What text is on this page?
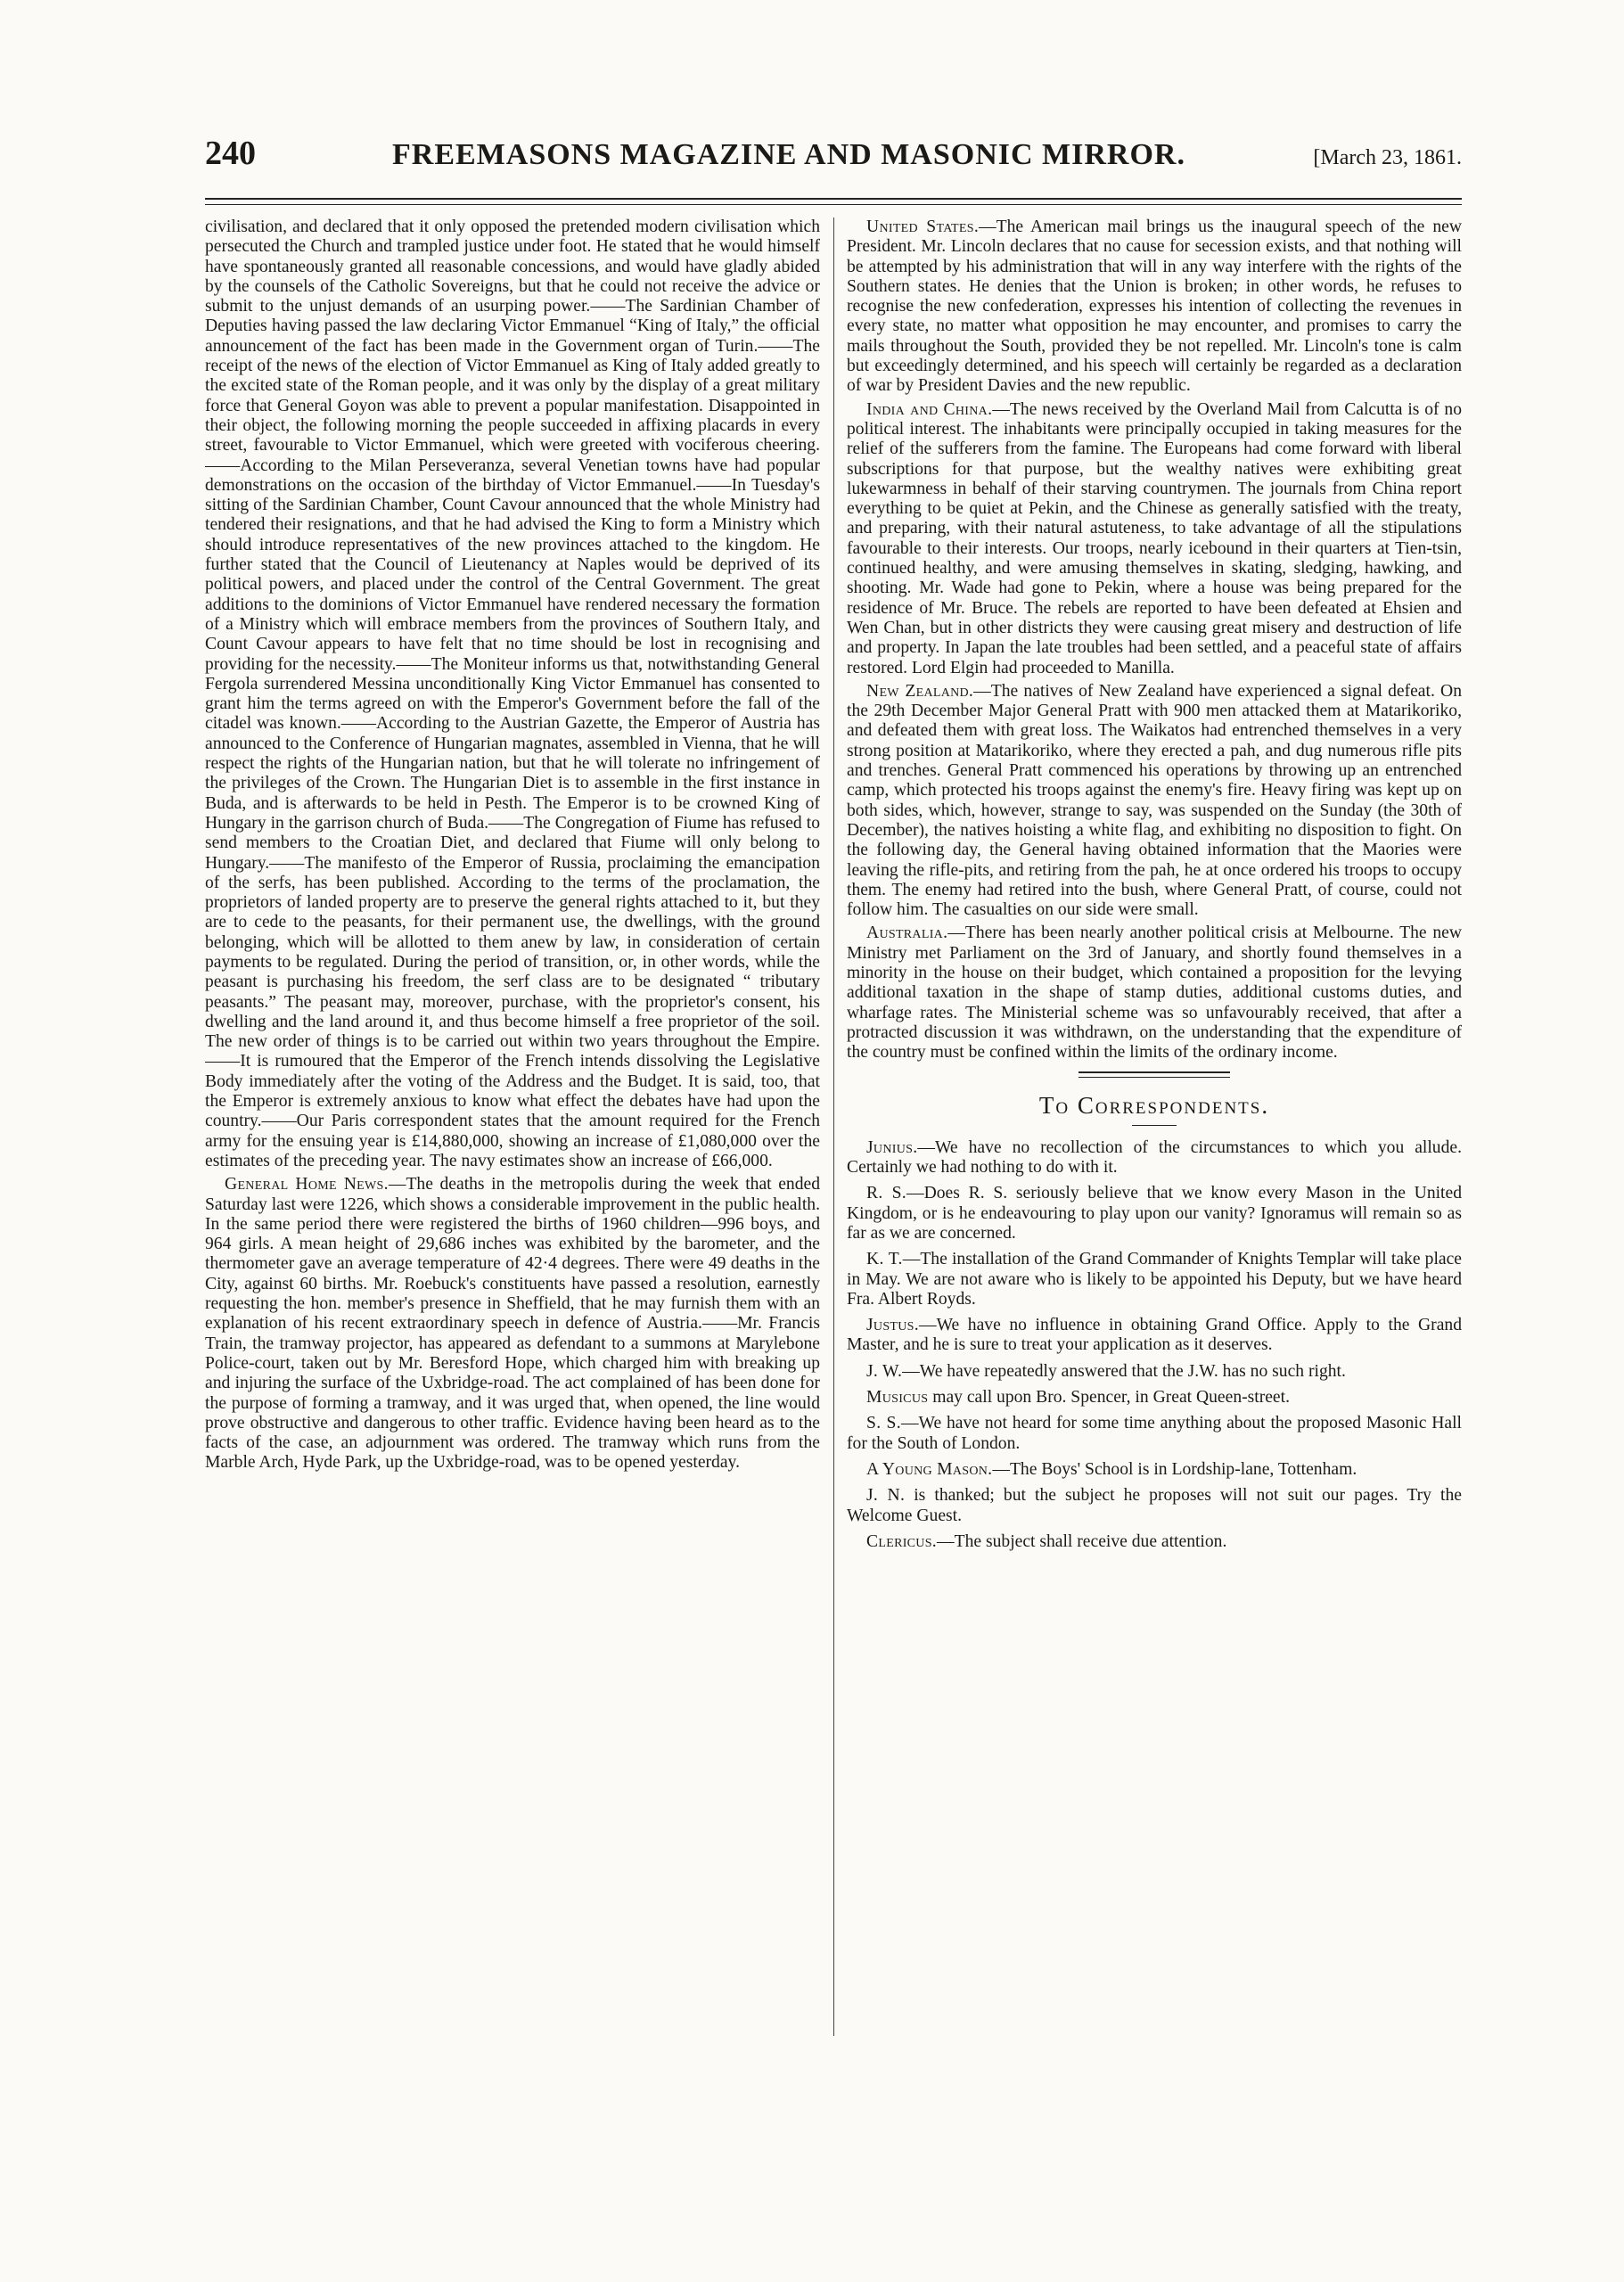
240	FREEMASONS MAGAZINE AND MASONIC MIRROR.	[March 23, 1861.

civilisation, and declared that it only opposed the pretended modern civilisation which persecuted the Church and trampled justice under foot. He stated that he would himself have spontaneously granted all reasonable concessions, and would have gladly abided by the counsels of the Catholic Sovereigns, but that he could not receive the advice or submit to the unjust demands of an usurping power.——The Sardinian Chamber of Deputies having passed the law declaring Victor Emmanuel “King of Italy,” the official announcement of the fact has been made in the Government organ of Turin.——The receipt of the news of the election of Victor Emmanuel as King of Italy added greatly to the excited state of the Roman people, and it was only by the display of a great military force that General Goyon was able to prevent a popular manifestation. Disappointed in their object, the following morning the people succeeded in affixing placards in every street, favourable to Victor Emmanuel, which were greeted with vociferous cheering.——According to the Milan Perseveranza, several Venetian towns have had popular demonstrations on the occasion of the birthday of Victor Emmanuel.——In Tuesday's sitting of the Sardinian Chamber, Count Cavour announced that the whole Ministry had tendered their resignations, and that he had advised the King to form a Ministry which should introduce representatives of the new provinces attached to the kingdom. He further stated that the Council of Lieutenancy at Naples would be deprived of its political powers, and placed under the control of the Central Government. The great additions to the dominions of Victor Emmanuel have rendered necessary the formation of a Ministry which will embrace members from the provinces of Southern Italy, and Count Cavour appears to have felt that no time should be lost in recognising and providing for the necessity.——The Moniteur informs us that, notwithstanding General Fergola surrendered Messina unconditionally King Victor Emmanuel has consented to grant him the terms agreed on with the Emperor's Government before the fall of the citadel was known.——According to the Austrian Gazette, the Emperor of Austria has announced to the Conference of Hungarian magnates, assembled in Vienna, that he will respect the rights of the Hungarian nation, but that he will tolerate no infringement of the privileges of the Crown. The Hungarian Diet is to assemble in the first instance in Buda, and is afterwards to be held in Pesth. The Emperor is to be crowned King of Hungary in the garrison church of Buda.——The Congregation of Fiume has refused to send members to the Croatian Diet, and declared that Fiume will only belong to Hungary.——The manifesto of the Emperor of Russia, proclaiming the emancipation of the serfs, has been published. According to the terms of the proclamation, the proprietors of landed property are to preserve the general rights attached to it, but they are to cede to the peasants, for their permanent use, the dwellings, with the ground belonging, which will be allotted to them anew by law, in consideration of certain payments to be regulated. During the period of transition, or, in other words, while the peasant is purchasing his freedom, the serf class are to be designated “ tributary peasants.” The peasant may, moreover, purchase, with the proprietor's consent, his dwelling and the land around it, and thus become himself a free proprietor of the soil. The new order of things is to be carried out within two years throughout the Empire.——It is rumoured that the Emperor of the French intends dissolving the Legislative Body immediately after the voting of the Address and the Budget. It is said, too, that the Emperor is extremely anxious to know what effect the debates have had upon the country.——Our Paris correspondent states that the amount required for the French army for the ensuing year is £14,880,000, showing an increase of £1,080,000 over the estimates of the preceding year. The navy estimates show an increase of £66,000.

General Home News.—The deaths in the metropolis during the week that ended Saturday last were 1226, which shows a considerable improvement in the public health. In the same period there were registered the births of 1960 children—996 boys, and 964 girls. A mean height of 29,686 inches was exhibited by the barometer, and the thermometer gave an average temperature of 42·4 degrees. There were 49 deaths in the City, against 60 births. Mr. Roebuck's constituents have passed a resolution, earnestly requesting the hon. member's presence in Sheffield, that he may furnish them with an explanation of his recent extraordinary speech in defence of Austria.——Mr. Francis Train, the tramway projector, has appeared as defendant to a summons at Marylebone Police-court, taken out by Mr. Beresford Hope, which charged him with breaking up and injuring the surface of the Uxbridge-road. The act complained of has been done for the purpose of forming a tramway, and it was urged that, when opened, the line would prove obstructive and dangerous to other traffic. Evidence having been heard as to the facts of the case, an adjournment was ordered. The tramway which runs from the Marble Arch, Hyde Park, up the Uxbridge-road, was to be opened yesterday.

United States.—The American mail brings us the inaugural speech of the new President. Mr. Lincoln declares that no cause for secession exists, and that nothing will be attempted by his administration that will in any way interfere with the rights of the Southern states. He denies that the Union is broken; in other words, he refuses to recognise the new confederation, expresses his intention of collecting the revenues in every state, no matter what opposition he may encounter, and promises to carry the mails throughout the South, provided they be not repelled. Mr. Lincoln's tone is calm but exceedingly determined, and his speech will certainly be regarded as a declaration of war by President Davies and the new republic.

India and China.—The news received by the Overland Mail from Calcutta is of no political interest. The inhabitants were principally occupied in taking measures for the relief of the sufferers from the famine. The Europeans had come forward with liberal subscriptions for that purpose, but the wealthy natives were exhibiting great lukewarmness in behalf of their starving countrymen. The journals from China report everything to be quiet at Pekin, and the Chinese as generally satisfied with the treaty, and preparing, with their natural astuteness, to take advantage of all the stipulations favourable to their interests. Our troops, nearly icebound in their quarters at Tien-tsin, continued healthy, and were amusing themselves in skating, sledging, hawking, and shooting. Mr. Wade had gone to Pekin, where a house was being prepared for the residence of Mr. Bruce. The rebels are reported to have been defeated at Ehsien and Wen Chan, but in other districts they were causing great misery and destruction of life and property. In Japan the late troubles had been settled, and a peaceful state of affairs restored. Lord Elgin had proceeded to Manilla.

New Zealand.—The natives of New Zealand have experienced a signal defeat. On the 29th December Major General Pratt with 900 men attacked them at Matarikoriko, and defeated them with great loss. The Waikatos had entrenched themselves in a very strong position at Matarikoriko, where they erected a pah, and dug numerous rifle pits and trenches. General Pratt commenced his operations by throwing up an entrenched camp, which protected his troops against the enemy's fire. Heavy firing was kept up on both sides, which, however, strange to say, was suspended on the Sunday (the 30th of December), the natives hoisting a white flag, and exhibiting no disposition to fight. On the following day, the General having obtained information that the Maories were leaving the rifle-pits, and retiring from the pah, he at once ordered his troops to occupy them. The enemy had retired into the bush, where General Pratt, of course, could not follow him. The casualties on our side were small.

Australia.—There has been nearly another political crisis at Melbourne. The new Ministry met Parliament on the 3rd of January, and shortly found themselves in a minority in the house on their budget, which contained a proposition for the levying additional taxation in the shape of stamp duties, additional customs duties, and wharfage rates. The Ministerial scheme was so unfavourably received, that after a protracted discussion it was withdrawn, on the understanding that the expenditure of the country must be confined within the limits of the ordinary income.

To Correspondents.

Junius.—We have no recollection of the circumstances to which you allude. Certainly we had nothing to do with it.

R. S.—Does R. S. seriously believe that we know every Mason in the United Kingdom, or is he endeavouring to play upon our vanity? Ignoramus will remain so as far as we are concerned.

K. T.—The installation of the Grand Commander of Knights Templar will take place in May. We are not aware who is likely to be appointed his Deputy, but we have heard Fra. Albert Royds.

Justus.—We have no influence in obtaining Grand Office. Apply to the Grand Master, and he is sure to treat your application as it deserves.

J. W.—We have repeatedly answered that the J.W. has no such right.

Musicus may call upon Bro. Spencer, in Great Queen-street.

S. S.—We have not heard for some time anything about the proposed Masonic Hall for the South of London.

A Young Mason.—The Boys' School is in Lordship-lane, Tottenham.

J. N. is thanked; but the subject he proposes will not suit our pages. Try the Welcome Guest.

Clericus.—The subject shall receive due attention.
